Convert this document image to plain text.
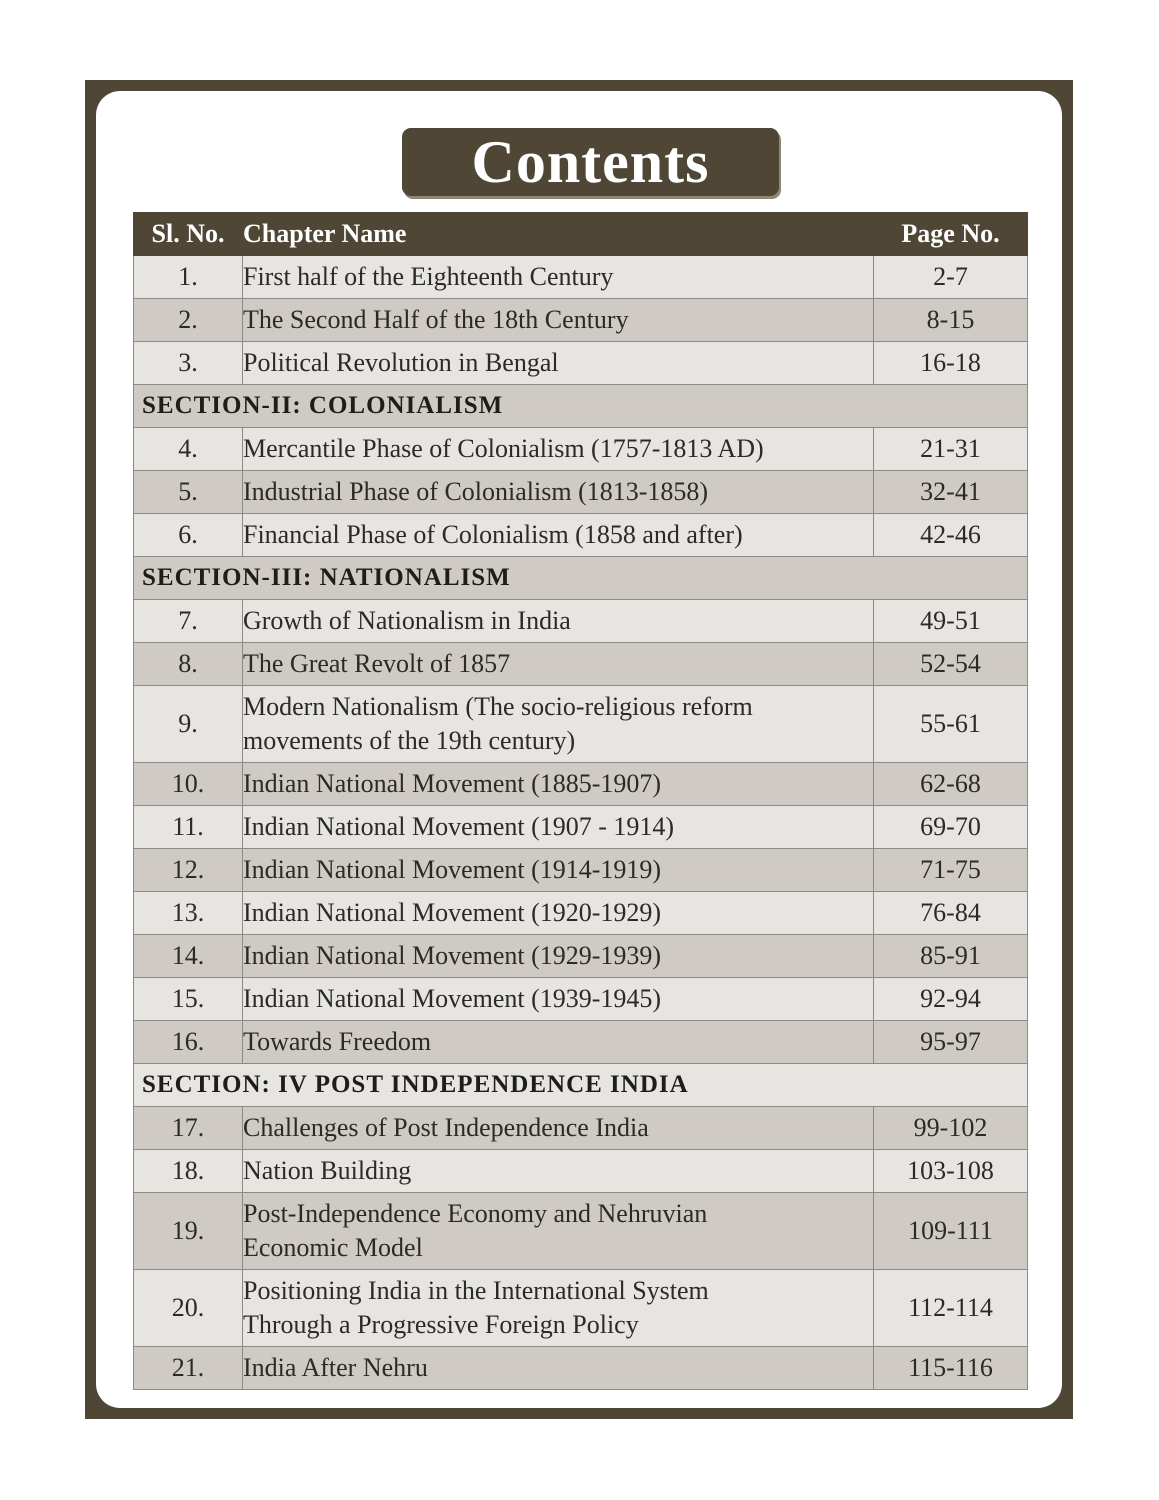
Contents
Sl. No.	Chapter Name	Page No.
1.	First half of the Eighteenth Century	2-7
2.	The Second Half of the 18th Century	8-15
3.	Political Revolution in Bengal	16-18
SECTION-II: COLONIALISM		
4.	Mercantile Phase of Colonialism (1757-1813 AD)	21-31
5.	Industrial Phase of Colonialism (1813-1858)	32-41
6.	Financial Phase of Colonialism (1858 and after)	42-46
SECTION-III: NATIONALISM		
7.	Growth of Nationalism in India	49-51
8.	The Great Revolt of 1857	52-54
9.	Modern Nationalism (The socio-religious reform
movements of the 19th century)	55-61
10.	Indian National Movement (1885-1907)	62-68
11.	Indian National Movement (1907 - 1914)	69-70
12.	Indian National Movement (1914-1919)	71-75
13.	Indian National Movement (1920-1929)	76-84
14.	Indian National Movement (1929-1939)	85-91
15.	Indian National Movement (1939-1945)	92-94
16.	Towards Freedom	95-97
SECTION: IV POST INDEPENDENCE INDIA		
17.	Challenges of Post Independence India	99-102
18.	Nation Building	103-108
19.	Post-Independence Economy and Nehruvian
Economic Model	109-111
20.	Positioning India in the International System
Through a Progressive Foreign Policy	112-114
21.	India After Nehru	115-116
